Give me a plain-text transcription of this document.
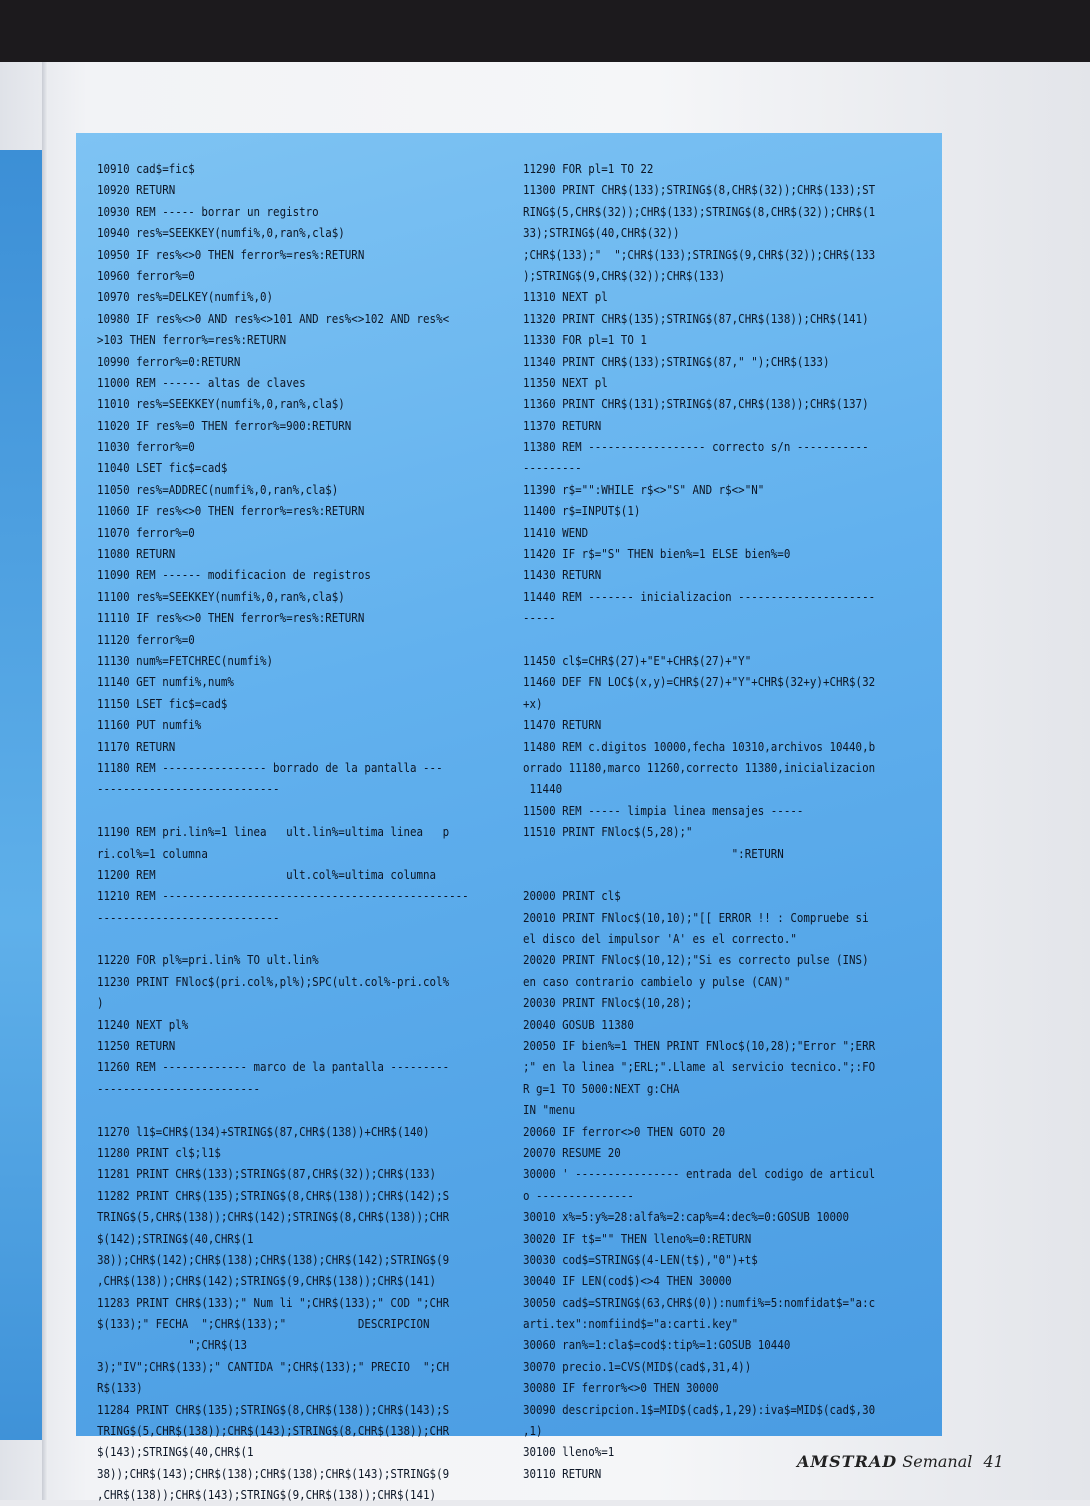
10910 cad$=fic$
10920 RETURN
10930 REM ----- borrar un registro
10940 res%=SEEKKEY(numfi%,0,ran%,cla$)
10950 IF res%<>0 THEN ferror%=res%:RETURN
10960 ferror%=0
10970 res%=DELKEY(numfi%,0)
10980 IF res%<>0 AND res%<>101 AND res%<>102 AND res%<
>103 THEN ferror%=res%:RETURN
10990 ferror%=0:RETURN
11000 REM ------ altas de claves
11010 res%=SEEKKEY(numfi%,0,ran%,cla$)
11020 IF res%=0 THEN ferror%=900:RETURN
11030 ferror%=0
11040 LSET fic$=cad$
11050 res%=ADDREC(numfi%,0,ran%,cla$)
11060 IF res%<>0 THEN ferror%=res%:RETURN
11070 ferror%=0
11080 RETURN
11090 REM ------ modificacion de registros
11100 res%=SEEKKEY(numfi%,0,ran%,cla$)
11110 IF res%<>0 THEN ferror%=res%:RETURN
11120 ferror%=0
11130 num%=FETCHREC(numfi%)
11140 GET numfi%,num%
11150 LSET fic$=cad$
11160 PUT numfi%
11170 RETURN
11180 REM ---------------- borrado de la pantalla ---
----------------------------
11190 REM pri.lin%=1 linea   ult.lin%=ultima linea   p
ri.col%=1 columna
11200 REM                    ult.col%=ultima columna
11210 REM -----------------------------------------------
----------------------------
11220 FOR pl%=pri.lin% TO ult.lin%
11230 PRINT FNloc$(pri.col%,pl%);SPC(ult.col%-pri.col%
)
11240 NEXT pl%
11250 RETURN
11260 REM ------------- marco de la pantalla ---------
-------------------------
11270 l1$=CHR$(134)+STRING$(87,CHR$(138))+CHR$(140)
11280 PRINT cl$;l1$
11281 PRINT CHR$(133);STRING$(87,CHR$(32));CHR$(133)
11282 PRINT CHR$(135);STRING$(8,CHR$(138));CHR$(142);S
TRING$(5,CHR$(138));CHR$(142);STRING$(8,CHR$(138));CHR
$(142);STRING$(40,CHR$(1
38));CHR$(142);CHR$(138);CHR$(138);CHR$(142);STRING$(9
,CHR$(138));CHR$(142);STRING$(9,CHR$(138));CHR$(141)
11283 PRINT CHR$(133);" Num li ";CHR$(133);" COD ";CHR
$(133);" FECHA  ";CHR$(133);"           DESCRIPCION
";CHR$(13
3);"IV";CHR$(133);" CANTIDA ";CHR$(133);" PRECIO  ";CH
R$(133)
11284 PRINT CHR$(135);STRING$(8,CHR$(138));CHR$(143);S
TRING$(5,CHR$(138));CHR$(143);STRING$(8,CHR$(138));CHR
$(143);STRING$(40,CHR$(1
38));CHR$(143);CHR$(138);CHR$(138);CHR$(143);STRING$(9
,CHR$(138));CHR$(143);STRING$(9,CHR$(138));CHR$(141)
11290 FOR pl=1 TO 22
11300 PRINT CHR$(133);STRING$(8,CHR$(32));CHR$(133);ST
RING$(5,CHR$(32));CHR$(133);STRING$(8,CHR$(32));CHR$(1
33);STRING$(40,CHR$(32))
;CHR$(133);"  ";CHR$(133);STRING$(9,CHR$(32));CHR$(133
);STRING$(9,CHR$(32));CHR$(133)
11310 NEXT pl
11320 PRINT CHR$(135);STRING$(87,CHR$(138));CHR$(141)
11330 FOR pl=1 TO 1
11340 PRINT CHR$(133);STRING$(87," ");CHR$(133)
11350 NEXT pl
11360 PRINT CHR$(131);STRING$(87,CHR$(138));CHR$(137)
11370 RETURN
11380 REM ------------------ correcto s/n -----------
---------
11390 r$="":WHILE r$<>"S" AND r$<>"N"
11400 r$=INPUT$(1)
11410 WEND
11420 IF r$="S" THEN bien%=1 ELSE bien%=0
11430 RETURN
11440 REM ------- inicializacion ---------------------
-----
11450 cl$=CHR$(27)+"E"+CHR$(27)+"Y"
11460 DEF FN LOC$(x,y)=CHR$(27)+"Y"+CHR$(32+y)+CHR$(32
+x)
11470 RETURN
11480 REM c.digitos 10000,fecha 10310,archivos 10440,b
orrado 11180,marco 11260,correcto 11380,inicializacion
11440
11500 REM ----- limpia linea mensajes -----
11510 PRINT FNloc$(5,28);"
":RETURN
20000 PRINT cl$
20010 PRINT FNloc$(10,10);"[[ ERROR !! : Compruebe si
el disco del impulsor 'A' es el correcto."
20020 PRINT FNloc$(10,12);"Si es correcto pulse (INS)
en caso contrario cambielo y pulse (CAN)"
20030 PRINT FNloc$(10,28);
20040 GOSUB 11380
20050 IF bien%=1 THEN PRINT FNloc$(10,28);"Error ";ERR
;" en la linea ";ERL;".Llame al servicio tecnico.";:FO
R g=1 TO 5000:NEXT g:CHA
IN "menu
20060 IF ferror<>0 THEN GOTO 20
20070 RESUME 20
30000 ' ---------------- entrada del codigo de articul
o ---------------
30010 x%=5:y%=28:alfa%=2:cap%=4:dec%=0:GOSUB 10000
30020 IF t$="" THEN lleno%=0:RETURN
30030 cod$=STRING$(4-LEN(t$),"0")+t$
30040 IF LEN(cod$)<>4 THEN 30000
30050 cad$=STRING$(63,CHR$(0)):numfi%=5:nomfidat$="a:c
arti.tex":nomfiind$="a:carti.key"
30060 ran%=1:cla$=cod$:tip%=1:GOSUB 10440
30070 precio.1=CVS(MID$(cad$,31,4))
30080 IF ferror%<>0 THEN 30000
30090 descripcion.1$=MID$(cad$,1,29):iva$=MID$(cad$,30
,1)
30100 lleno%=1
30110 RETURN
AMSTRAD Semanal 41
